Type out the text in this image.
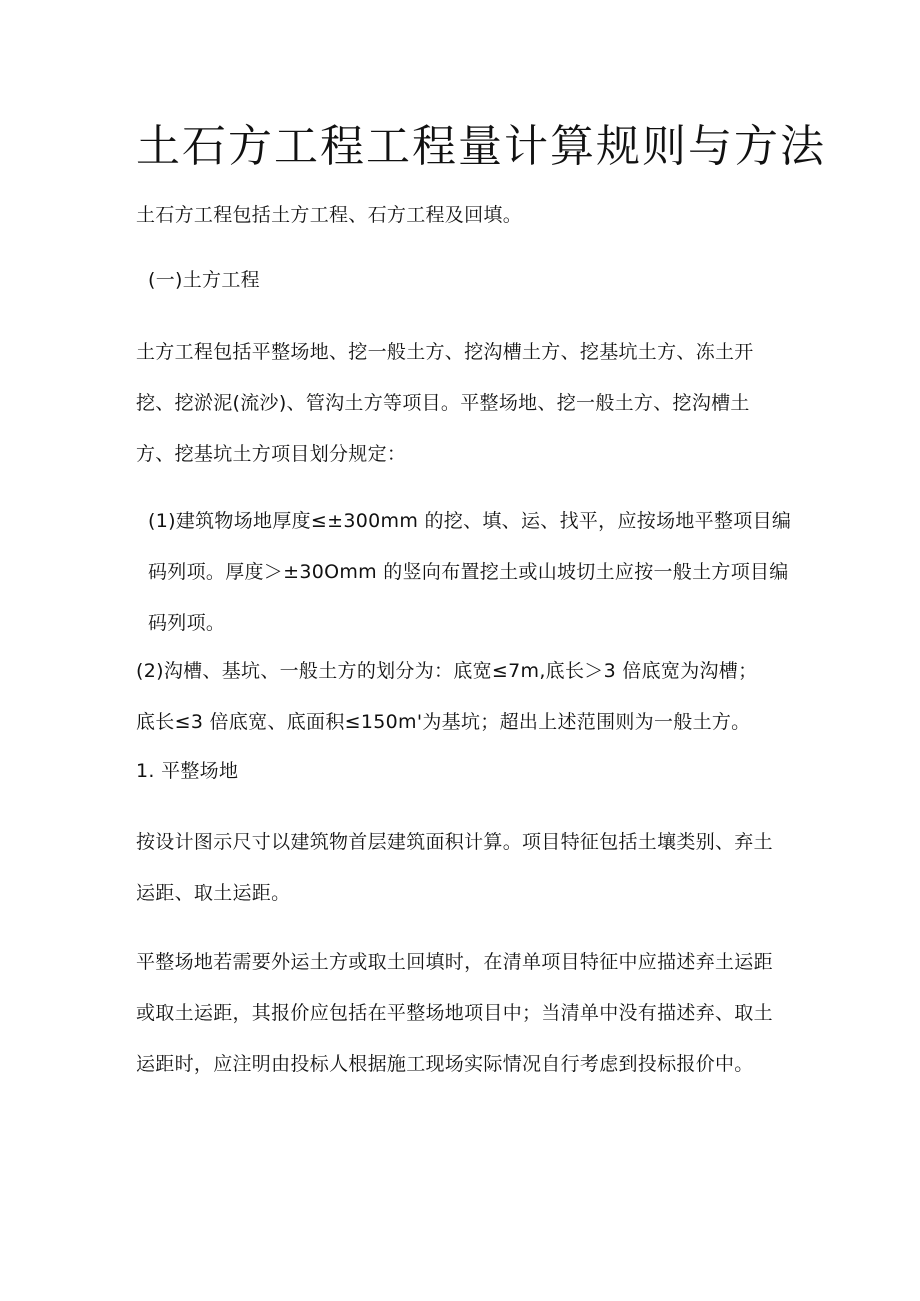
土石方工程工程量计算规则与方法

土石方工程包括土方工程、石方工程及回填。

(一)土方工程

土方工程包括平整场地、挖一般土方、挖沟槽土方、挖基坑土方、冻土开挖、挖淤泥(流沙)、管沟土方等项目。平整场地、挖一般土方、挖沟槽土方、挖基坑土方项目划分规定：

(1)建筑物场地厚度≤±300mm 的挖、填、运、找平，应按场地平整项目编码列项。厚度＞±30Omm 的竖向布置挖土或山坡切土应按一般土方项目编码列项。

(2)沟槽、基坑、一般土方的划分为：底宽≤7m,底长＞3 倍底宽为沟槽；

底长≤3 倍底宽、底面积≤150m'为基坑；超出上述范围则为一般土方。

1. 平整场地

按设计图示尺寸以建筑物首层建筑面积计算。项目特征包括土壤类别、弃土运距、取土运距。

平整场地若需要外运土方或取土回填时，在清单项目特征中应描述弃土运距或取土运距，其报价应包括在平整场地项目中；当清单中没有描述弃、取土运距时，应注明由投标人根据施工现场实际情况自行考虑到投标报价中。
